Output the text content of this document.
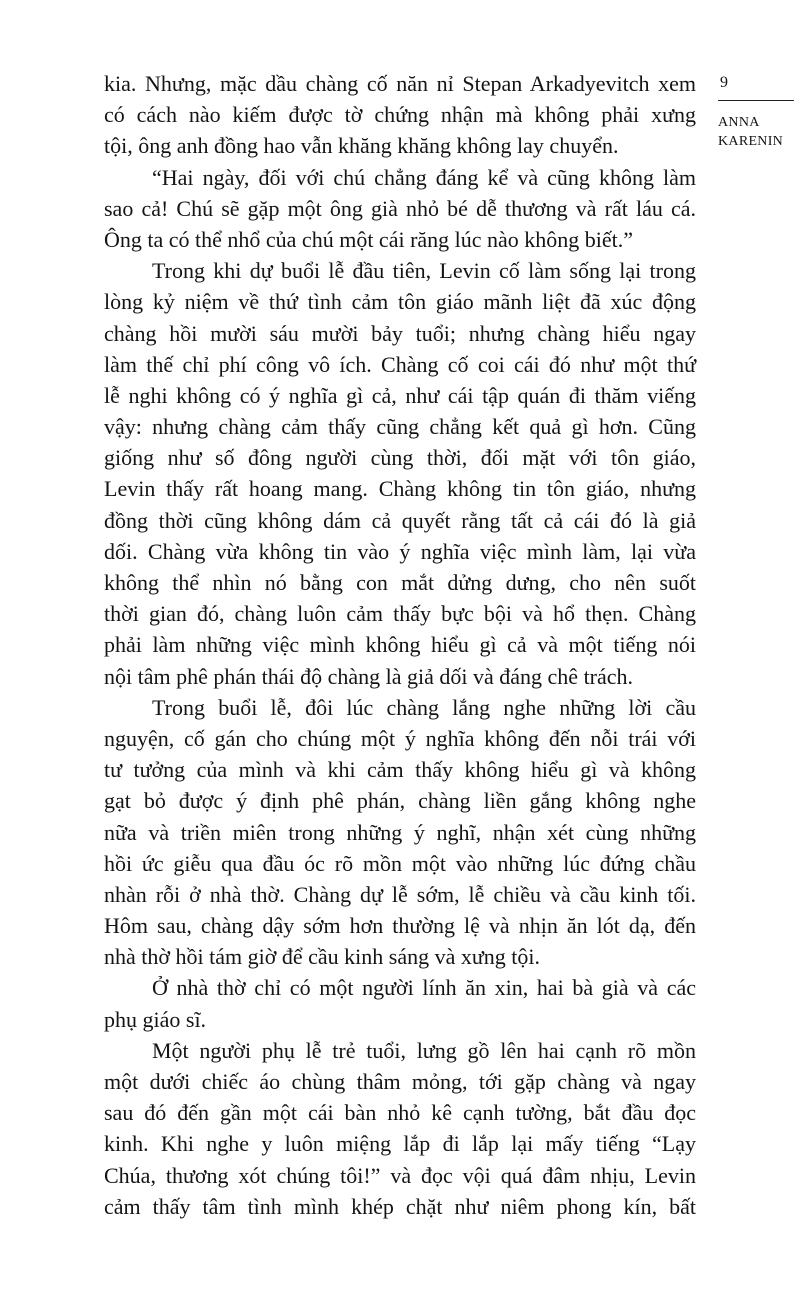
9
ANNA
KARENIN
kia. Nhưng, mặc dầu chàng cố năn nỉ Stepan Arkadyevitch xem
có cách nào kiếm được tờ chứng nhận mà không phải xưng
tội, ông anh đồng hao vẫn khăng khăng không lay chuyển.
“Hai ngày, đối với chú chẳng đáng kể và cũng không làm
sao cả! Chú sẽ gặp một ông già nhỏ bé dễ thương và rất láu cá.
Ông ta có thể nhổ của chú một cái răng lúc nào không biết.”
Trong khi dự buổi lễ đầu tiên, Levin cố làm sống lại trong
lòng kỷ niệm về thứ tình cảm tôn giáo mãnh liệt đã xúc động
chàng hồi mười sáu mười bảy tuổi; nhưng chàng hiểu ngay
làm thế chỉ phí công vô ích. Chàng cố coi cái đó như một thứ
lễ nghi không có ý nghĩa gì cả, như cái tập quán đi thăm viếng
vậy: nhưng chàng cảm thấy cũng chẳng kết quả gì hơn. Cũng
giống như số đông người cùng thời, đối mặt với tôn giáo,
Levin thấy rất hoang mang. Chàng không tin tôn giáo, nhưng
đồng thời cũng không dám cả quyết rằng tất cả cái đó là giả
dối. Chàng vừa không tin vào ý nghĩa việc mình làm, lại vừa
không thể nhìn nó bằng con mắt dửng dưng, cho nên suốt
thời gian đó, chàng luôn cảm thấy bực bội và hổ thẹn. Chàng
phải làm những việc mình không hiểu gì cả và một tiếng nói
nội tâm phê phán thái độ chàng là giả dối và đáng chê trách.
Trong buổi lễ, đôi lúc chàng lắng nghe những lời cầu
nguyện, cố gán cho chúng một ý nghĩa không đến nỗi trái với
tư tưởng của mình và khi cảm thấy không hiểu gì và không
gạt bỏ được ý định phê phán, chàng liền gắng không nghe
nữa và triền miên trong những ý nghĩ, nhận xét cùng những
hồi ức giễu qua đầu óc rõ mồn một vào những lúc đứng chầu
nhàn rỗi ở nhà thờ. Chàng dự lễ sớm, lễ chiều và cầu kinh tối.
Hôm sau, chàng dậy sớm hơn thường lệ và nhịn ăn lót dạ, đến
nhà thờ hồi tám giờ để cầu kinh sáng và xưng tội.
Ở nhà thờ chỉ có một người lính ăn xin, hai bà già và các
phụ giáo sĩ.
Một người phụ lễ trẻ tuổi, lưng gồ lên hai cạnh rõ mồn
một dưới chiếc áo chùng thâm mỏng, tới gặp chàng và ngay
sau đó đến gần một cái bàn nhỏ kê cạnh tường, bắt đầu đọc
kinh. Khi nghe y luôn miệng lắp đi lắp lại mấy tiếng “Lạy
Chúa, thương xót chúng tôi!” và đọc vội quá đâm nhịu, Levin
cảm thấy tâm tình mình khép chặt như niêm phong kín, bất
